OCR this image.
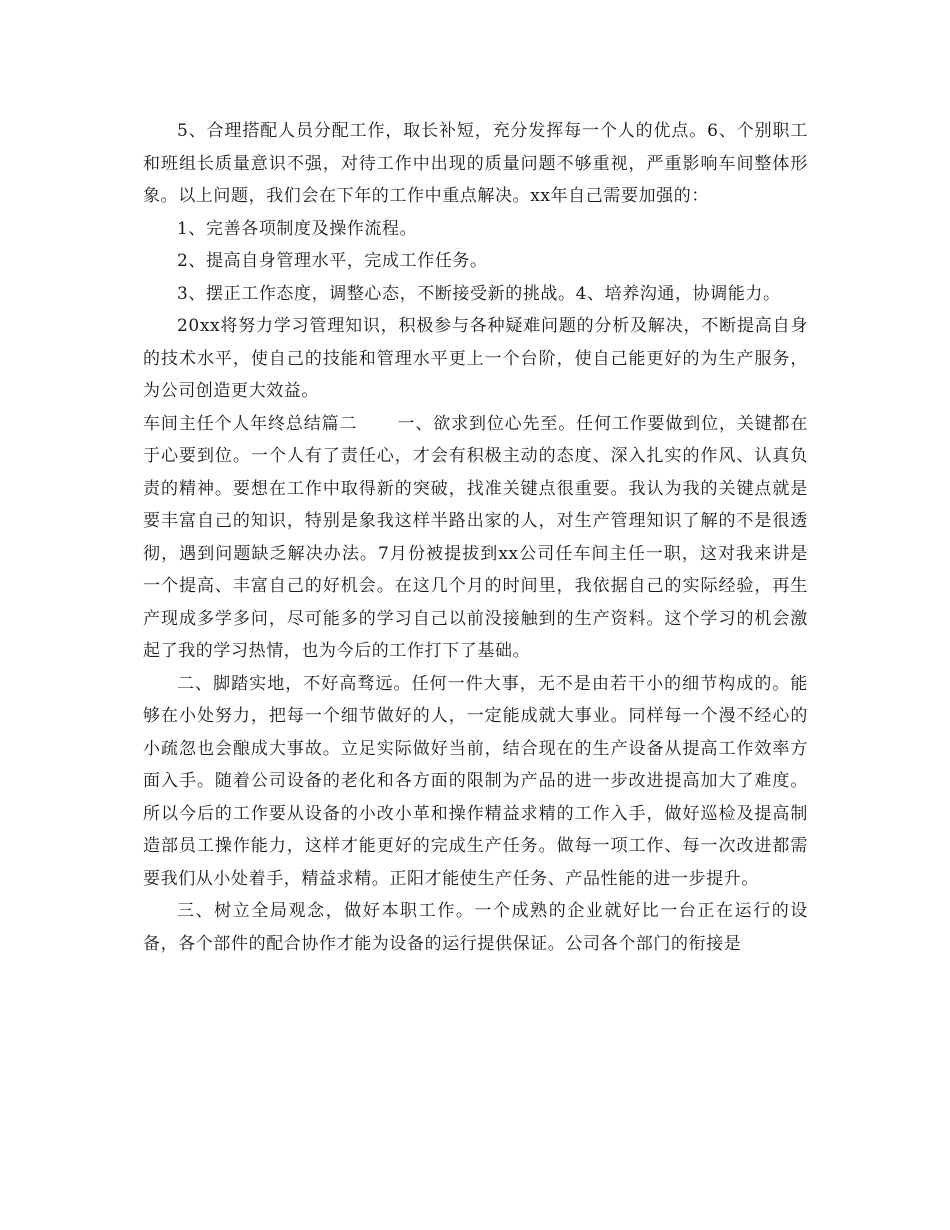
5、合理搭配人员分配工作，取长补短，充分发挥每一个人的优点。6、个别职工和班组长质量意识不强，对待工作中出现的质量问题不够重视，严重影响车间整体形象。以上问题，我们会在下年的工作中重点解决。xx年自己需要加强的：

1、完善各项制度及操作流程。

2、提高自身管理水平，完成工作任务。

3、摆正工作态度，调整心态，不断接受新的挑战。4、培养沟通，协调能力。

20xx将努力学习管理知识，积极参与各种疑难问题的分析及解决，不断提高自身的技术水平，使自己的技能和管理水平更上一个台阶，使自己能更好的为生产服务，为公司创造更大效益。

车间主任个人年终总结篇二 一、欲求到位心先至。任何工作要做到位，关键都在于心要到位。一个人有了责任心，才会有积极主动的态度、深入扎实的作风、认真负责的精神。要想在工作中取得新的突破，找准关键点很重要。我认为我的关键点就是要丰富自己的知识，特别是象我这样半路出家的人，对生产管理知识了解的不是很透彻，遇到问题缺乏解决办法。7月份被提拔到xx公司任车间主任一职，这对我来讲是一个提高、丰富自己的好机会。在这几个月的时间里，我依据自己的实际经验，再生产现成多学多问，尽可能多的学习自己以前没接触到的生产资料。这个学习的机会激起了我的学习热情，也为今后的工作打下了基础。

二、脚踏实地，不好高骛远。任何一件大事，无不是由若干小的细节构成的。能够在小处努力，把每一个细节做好的人，一定能成就大事业。同样每一个漫不经心的小疏忽也会酿成大事故。立足实际做好当前，结合现在的生产设备从提高工作效率方面入手。随着公司设备的老化和各方面的限制为产品的进一步改进提高加大了难度。所以今后的工作要从设备的小改小革和操作精益求精的工作入手，做好巡检及提高制造部员工操作能力，这样才能更好的完成生产任务。做每一项工作、每一次改进都需要我们从小处着手，精益求精。正阳才能使生产任务、产品性能的进一步提升。

三、树立全局观念，做好本职工作。一个成熟的企业就好比一台正在运行的设备，各个部件的配合协作才能为设备的运行提供保证。公司各个部门的衔接是
